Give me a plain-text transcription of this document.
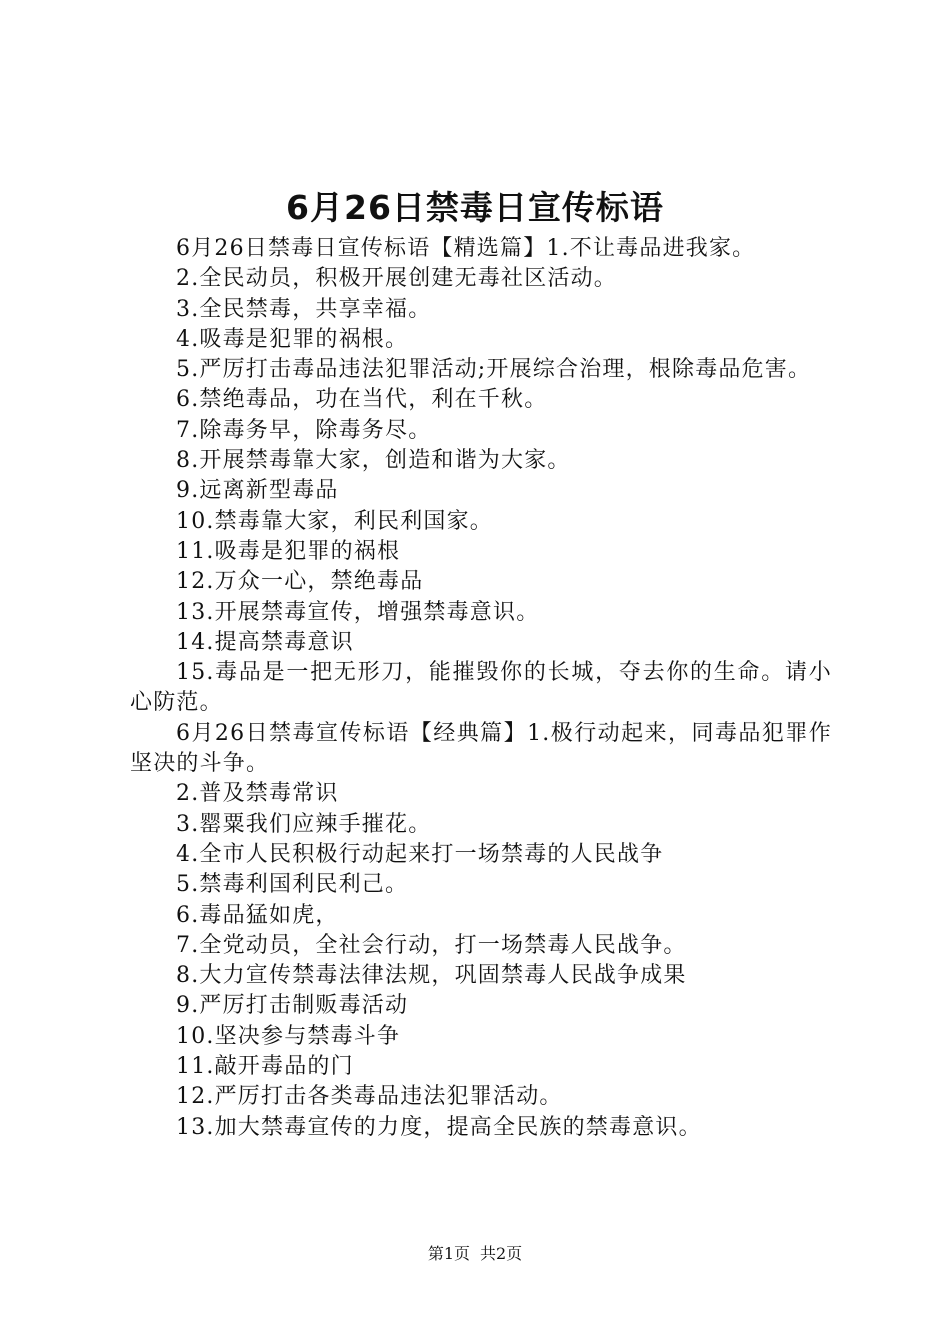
6月26日禁毒日宣传标语

6月26日禁毒日宣传标语【精选篇】1.不让毒品进我家。

2.全民动员，积极开展创建无毒社区活动。

3.全民禁毒，共享幸福。

4.吸毒是犯罪的祸根。

5.严厉打击毒品违法犯罪活动;开展综合治理，根除毒品危害。

6.禁绝毒品，功在当代，利在千秋。

7.除毒务早，除毒务尽。

8.开展禁毒靠大家，创造和谐为大家。

9.远离新型毒品

10.禁毒靠大家，利民利国家。

11.吸毒是犯罪的祸根

12.万众一心，禁绝毒品

13.开展禁毒宣传，增强禁毒意识。

14.提高禁毒意识

15.毒品是一把无形刀，能摧毁你的长城，夺去你的生命。请小心防范。

6月26日禁毒宣传标语【经典篇】1.极行动起来，同毒品犯罪作坚决的斗争。

2.普及禁毒常识

3.罂粟我们应辣手摧花。

4.全市人民积极行动起来打一场禁毒的人民战争

5.禁毒利国利民利己。

6.毒品猛如虎，

7.全党动员，全社会行动，打一场禁毒人民战争。

8.大力宣传禁毒法律法规，巩固禁毒人民战争成果

9.严厉打击制贩毒活动

10.坚决参与禁毒斗争

11.敲开毒品的门

12.严厉打击各类毒品违法犯罪活动。

13.加大禁毒宣传的力度，提高全民族的禁毒意识。

第1页 共2页
